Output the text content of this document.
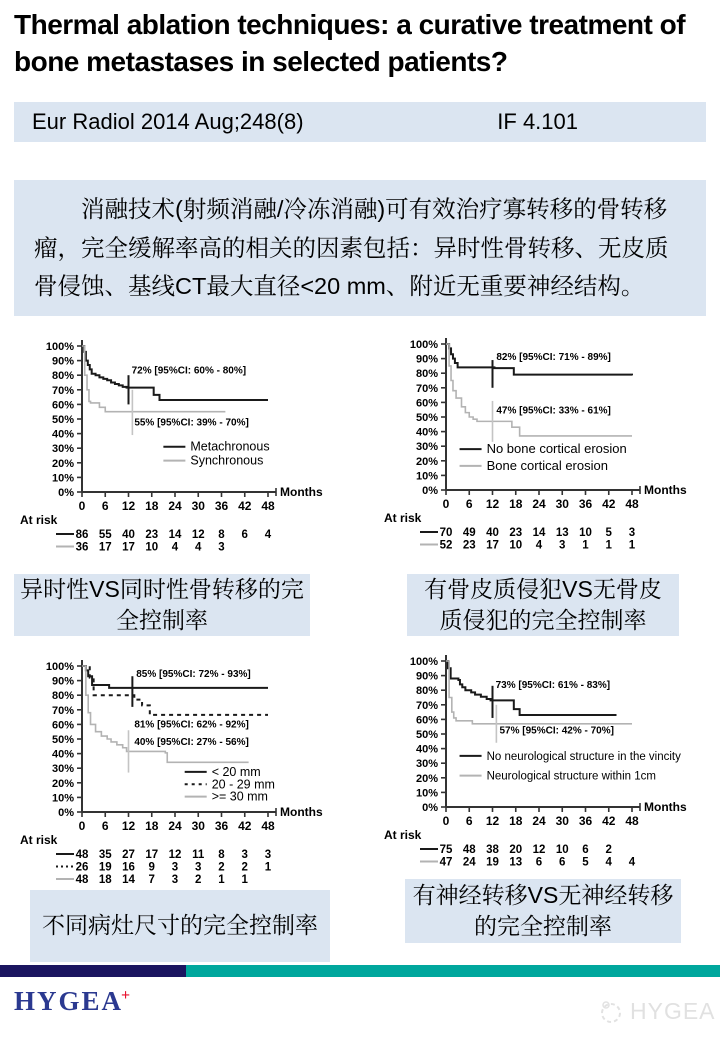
Thermal ablation techniques: a curative treatment of bone metastases in selected patients?
Eur Radiol 2014 Aug;248(8)	IF 4.101
消融技术(射频消融/冷冻消融)可有效治疗寡转移的骨转移瘤，完全缓解率高的相关的因素包括：异时性骨转移、无皮质骨侵蚀、基线CT最大直径<20 mm、附近无重要神经结构。
0%
10%
20%
30%
40%
50%
60%
70%
80%
90%
100%
0 6 12 18 24 30 36 42 48
Months
72% [95%CI: 60% - 80%]
55% [95%CI: 39% - 70%]
Metachronous
Synchronous
At risk
86 55 40 23 14 12 8 6 4
36 17 17 10 4 4 3
0%
10%
20%
30%
40%
50%
60%
70%
80%
90%
100%
0 6 12 18 24 30 36 42 48
Months
82% [95%CI: 71% - 89%]
47% [95%CI: 33% - 61%]
No bone cortical erosion
Bone cortical erosion
At risk
70 49 40 23 14 13 10 5 3
52 23 17 10 4 3 1 1 1
0%
10%
20%
30%
40%
50%
60%
70%
80%
90%
100%
0 6 12 18 24 30 36 42 48
Months
85% [95%CI: 72% - 93%]
81% [95%CI: 62% - 92%]
40% [95%CI: 27% - 56%]
< 20 mm
20 - 29 mm
>= 30 mm
At risk
48 35 27 17 12 11 8 3 3
26 19 16 9 3 3 2 2 1
48 18 14 7 3 2 1 1
0%
10%
20%
30%
40%
50%
60%
70%
80%
90%
100%
0 6 12 18 24 30 36 42 48
Months
73% [95%CI: 61% - 83%]
57% [95%CI: 42% - 70%]
No neurological structure in the vincity
Neurological structure within 1cm
At risk
75 48 38 20 12 10 6 2
47 24 19 13 6 6 5 4 4
异时性VS同时性骨转移的完全控制率
有骨皮质侵犯VS无骨皮质侵犯的完全控制率
不同病灶尺寸的完全控制率
有神经转移VS无神经转移的完全控制率
HYGEA+
HYGEA
